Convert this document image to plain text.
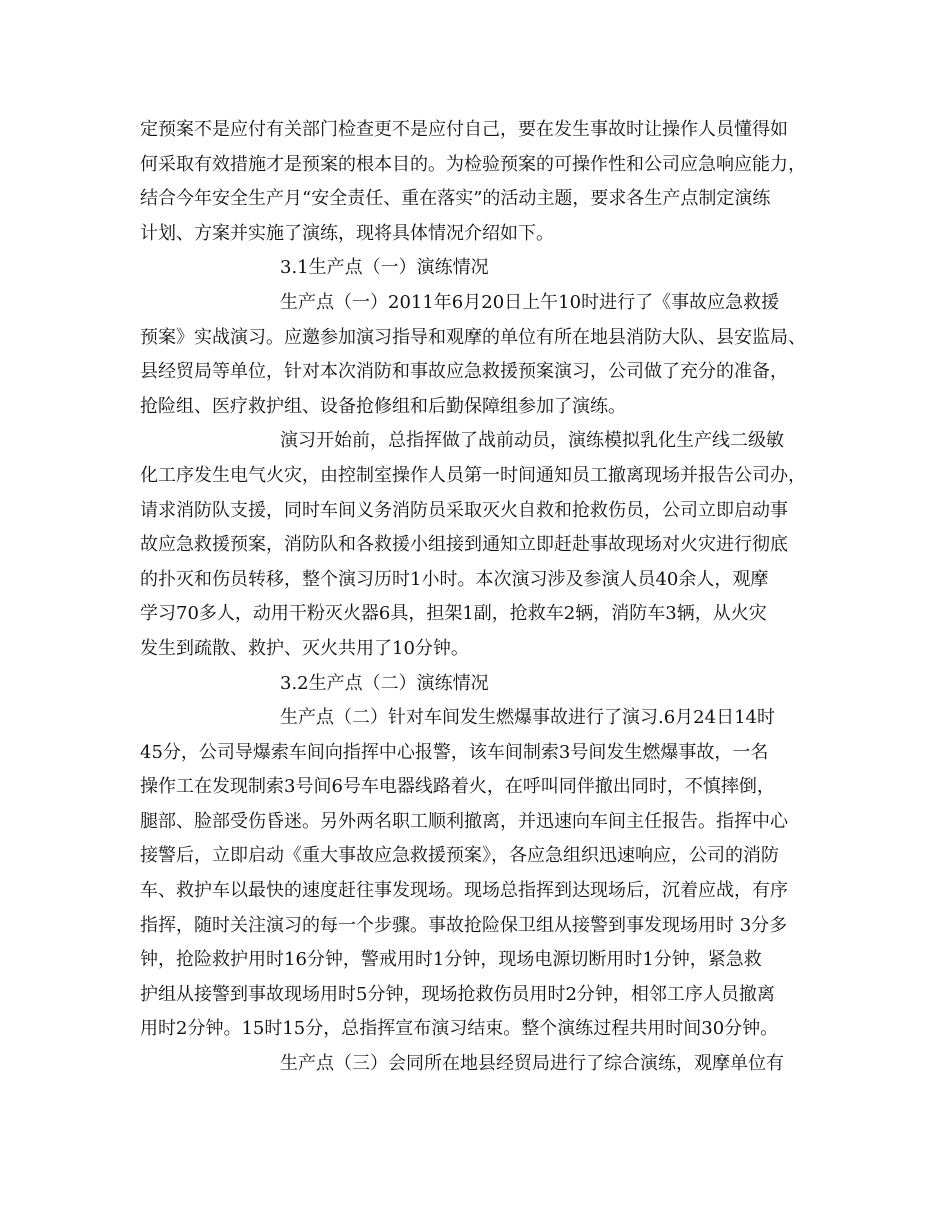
定预案不是应付有关部门检查更不是应付自己，要在发生事故时让操作人员懂得如
何采取有效措施才是预案的根本目的。为检验预案的可操作性和公司应急响应能力，
结合今年安全生产月“安全责任、重在落实”的活动主题，要求各生产点制定演练
计划、方案并实施了演练，现将具体情况介绍如下。
3.1生产点（一）演练情况
生产点（一）2011年6月20日上午10时进行了《事故应急救援
预案》实战演习。应邀参加演习指导和观摩的单位有所在地县消防大队、县安监局、
县经贸局等单位，针对本次消防和事故应急救援预案演习，公司做了充分的准备，
抢险组、医疗救护组、设备抢修组和后勤保障组参加了演练。
演习开始前，总指挥做了战前动员，演练模拟乳化生产线二级敏
化工序发生电气火灾，由控制室操作人员第一时间通知员工撤离现场并报告公司办，
请求消防队支援，同时车间义务消防员采取灭火自救和抢救伤员，公司立即启动事
故应急救援预案，消防队和各救援小组接到通知立即赶赴事故现场对火灾进行彻底
的扑灭和伤员转移，整个演习历时1小时。本次演习涉及参演人员40余人，观摩
学习70多人，动用干粉灭火器6具，担架1副，抢救车2辆，消防车3辆，从火灾
发生到疏散、救护、灭火共用了10分钟。
3.2生产点（二）演练情况
生产点（二）针对车间发生燃爆事故进行了演习.6月24日14时
45分，公司导爆索车间向指挥中心报警，该车间制索3号间发生燃爆事故，一名
操作工在发现制索3号间6号车电器线路着火，在呼叫同伴撤出同时，不慎摔倒，
腿部、脸部受伤昏迷。另外两名职工顺利撤离，并迅速向车间主任报告。指挥中心
接警后，立即启动《重大事故应急救援预案》，各应急组织迅速响应，公司的消防
车、救护车以最快的速度赶往事发现场。现场总指挥到达现场后，沉着应战，有序
指挥，随时关注演习的每一个步骤。事故抢险保卫组从接警到事发现场用时 3分多
钟，抢险救护用时16分钟，警戒用时1分钟，现场电源切断用时1分钟，紧急救
护组从接警到事故现场用时5分钟，现场抢救伤员用时2分钟，相邻工序人员撤离
用时2分钟。15时15分，总指挥宣布演习结束。整个演练过程共用时间30分钟。
生产点（三）会同所在地县经贸局进行了综合演练，观摩单位有
